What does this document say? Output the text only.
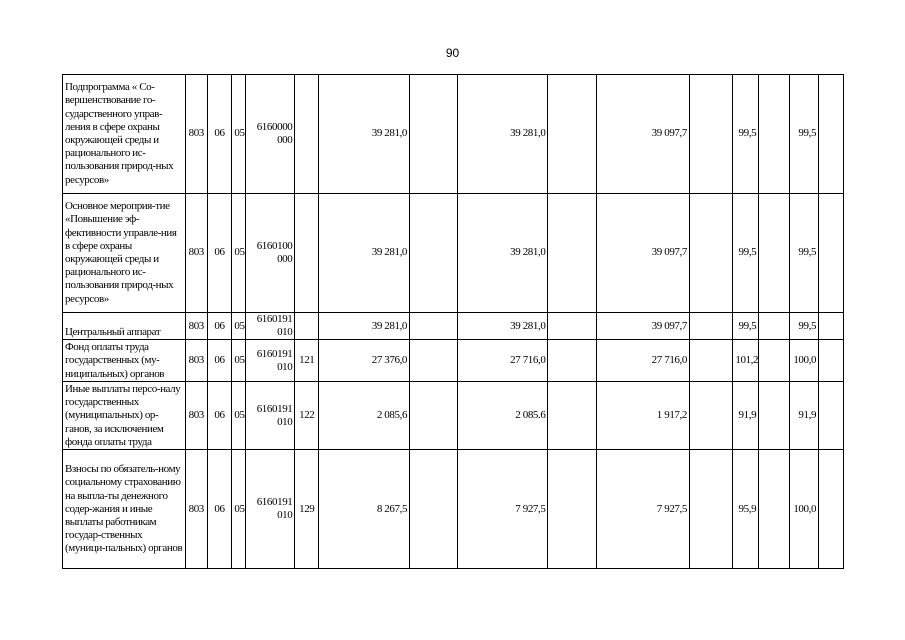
90
Подпрограмма « Со-вершенствование го-сударственного управ-ления в сфере охраны окружающей среды и рационального ис-пользования природ-ных ресурсов»	803	06	05	6160000 000		39 281,0		39 281,0		39 097,7		99,5		99,5	
Основное мероприя-тие «Повышение эф-фективности управле-ния в сфере охраны окружающей среды и рационального ис-пользования природ-ных ресурсов»	803	06	05	6160100 000		39 281,0		39 281,0		39 097,7		99,5		99,5	
Центральный аппарат	803	06	05	6160191 010		39 281,0		39 281,0		39 097,7		99,5		99,5	
Фонд оплаты труда государственных (му-ниципальных) органов	803	06	05	6160191 010	121	27 376,0		27 716,0		27 716,0		101,2		100,0	
Иные выплаты персо-налу государственных (муниципальных) ор-ганов, за исключением фонда оплаты труда	803	06	05	6160191 010	122	2 085,6		2 085.6		1 917,2		91,9		91,9	
Взносы по обязатель-ному социальному страхованию на выпла-ты денежного содер-жания и иные выплаты работникам государ-ственных (муници-пальных) органов	803	06	05	6160191 010	129	8 267,5		7 927,5		7 927,5		95,9		100,0	
